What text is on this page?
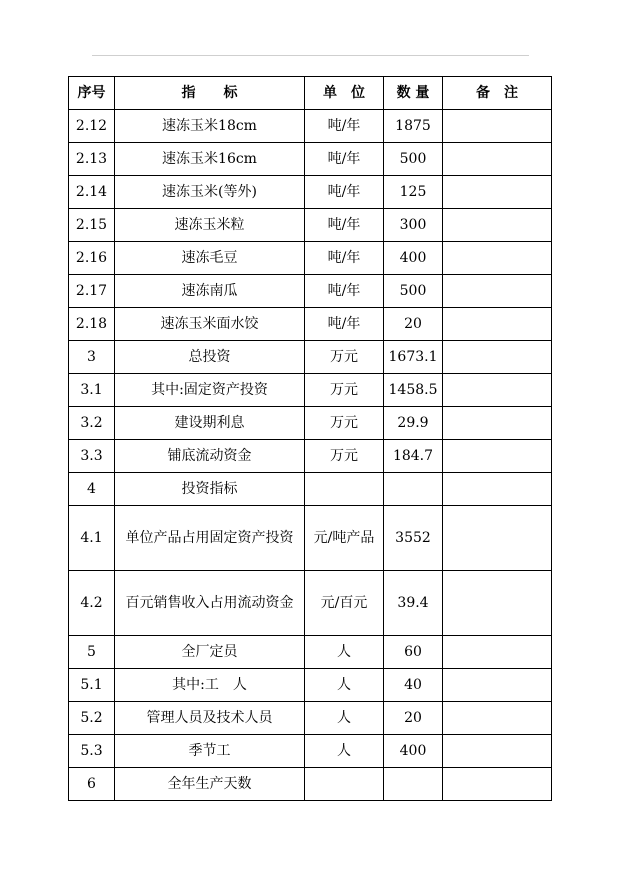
序号	指　　标	单　位	数 量	备　注
2.12	速冻玉米18cm	吨/年	1875	
2.13	速冻玉米16cm	吨/年	500	
2.14	速冻玉米(等外)	吨/年	125	
2.15	速冻玉米粒	吨/年	300	
2.16	速冻毛豆	吨/年	400	
2.17	速冻南瓜	吨/年	500	
2.18	速冻玉米面水饺	吨/年	20	
3	总投资	万元	1673.1	
3.1	其中:固定资产投资	万元	1458.5	
3.2	建设期利息	万元	29.9	
3.3	铺底流动资金	万元	184.7	
4	投资指标			
4.1	单位产品占用固定资产投资	元/吨产品	3552	
4.2	百元销售收入占用流动资金	元/百元	39.4	
5	全厂定员	人	60	
5.1	其中:工　人	人	40	
5.2	管理人员及技术人员	人	20	
5.3	季节工	人	400	
6	全年生产天数			
